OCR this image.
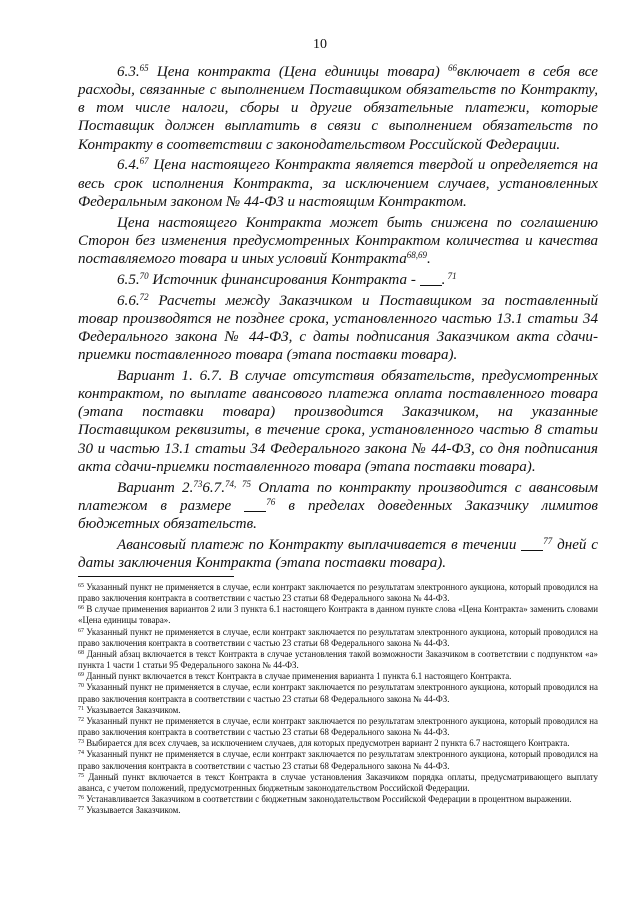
10

6.3.65 Цена контракта (Цена единицы товара) $^{66}$включает в себя все расходы, связанные с выполнением Поставщиком обязательств по Контракту, в том числе налоги, сборы и другие обязательные платежи, которые Поставщик должен выплатить в связи с выполнением обязательств по Контракту в соответствии с законодательством Российской Федерации.

6.4.67 Цена настоящего Контракта является твердой и определяется на весь срок исполнения Контракта, за исключением случаев, установленных Федеральным законом № 44-ФЗ и настоящим Контрактом.

Цена настоящего Контракта может быть снижена по соглашению Сторон без изменения предусмотренных Контрактом количества и качества поставляемого товара и иных условий Контракта$^{68,69}$.

6.5.70 Источник финансирования Контракта - . $^{71}$

6.6.72 Расчеты между Заказчиком и Поставщиком за поставленный товар производятся не позднее срока, установленного частью 13.1 статьи 34 Федерального закона № 44-ФЗ, с даты подписания Заказчиком акта сдачи-приемки поставленного товара (этапа поставки товара).

Вариант 1. 6.7. В случае отсутствия обязательств, предусмотренных контрактом, по выплате авансового платежа оплата поставленного товара (этапа поставки товара) производится Заказчиком, на указанные Поставщиком реквизиты, в течение срока, установленного частью 8 статьи 30 и частью 13.1 статьи 34 Федерального закона № 44-ФЗ, со дня подписания акта сдачи-приемки поставленного товара (этапа поставки товара).

Вариант 2.736.7.$^{74, 75}$ Оплата по контракту производится с авансовым платежом в размере $^{76}$ в пределах доведенных Заказчику лимитов бюджетных обязательств.

Авансовый платеж по Контракту выплачивается в течении $^{77}$ дней с даты заключения Контракта (этапа поставки товара).

$^{65}$ Указанный пункт не применяется в случае, если контракт заключается по результатам электронного аукциона, который проводился на право заключения контракта в соответствии с частью 23 статьи 68 Федерального закона № 44-ФЗ.
$^{66}$ В случае применения вариантов 2 или 3 пункта 6.1 настоящего Контракта в данном пункте слова «Цена Контракта» заменить словами «Цена единицы товара».
$^{67}$ Указанный пункт не применяется в случае, если контракт заключается по результатам электронного аукциона, который проводился на право заключения контракта в соответствии с частью 23 статьи 68 Федерального закона № 44-ФЗ.
$^{68}$ Данный абзац включается в текст Контракта в случае установления такой возможности Заказчиком в соответствии с подпунктом «а» пункта 1 части 1 статьи 95 Федерального закона № 44-ФЗ.
$^{69}$ Данный пункт включается в текст Контракта в случае применения варианта 1 пункта 6.1 настоящего Контракта.
$^{70}$ Указанный пункт не применяется в случае, если контракт заключается по результатам электронного аукциона, который проводился на право заключения контракта в соответствии с частью 23 статьи 68 Федерального закона № 44-ФЗ.
$^{71}$ Указывается Заказчиком.
$^{72}$ Указанный пункт не применяется в случае, если контракт заключается по результатам электронного аукциона, который проводился на право заключения контракта в соответствии с частью 23 статьи 68 Федерального закона № 44-ФЗ.
$^{73}$ Выбирается для всех случаев, за исключением случаев, для которых предусмотрен вариант 2 пункта 6.7 настоящего Контракта.
$^{74}$ Указанный пункт не применяется в случае, если контракт заключается по результатам электронного аукциона, который проводился на право заключения контракта в соответствии с частью 23 статьи 68 Федерального закона № 44-ФЗ.
$^{75}$ Данный пункт включается в текст Контракта в случае установления Заказчиком порядка оплаты, предусматривающего выплату аванса, с учетом положений, предусмотренных бюджетным законодательством Российской Федерации.
$^{76}$ Устанавливается Заказчиком в соответствии с бюджетным законодательством Российской Федерации в процентном выражении.
$^{77}$ Указывается Заказчиком.
